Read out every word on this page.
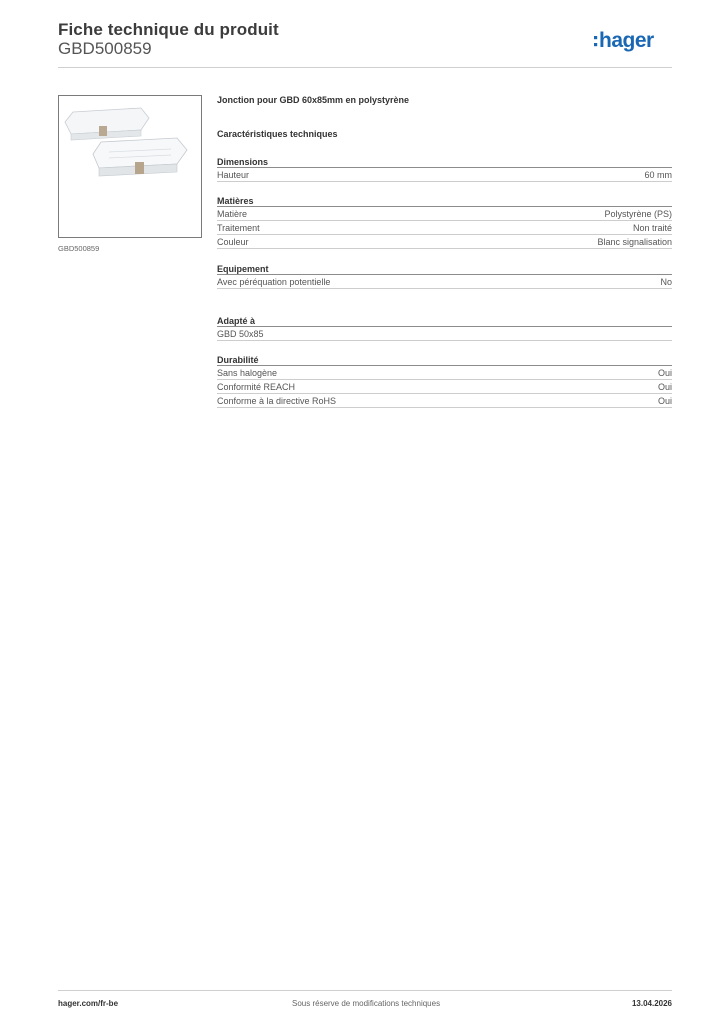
Fiche technique du produit
GBD500859	hager
GBD500859
Jonction pour GBD 60x85mm en polystyrène
Caractéristiques techniques
Dimensions
Hauteur	60 mm
Matières
Matière	Polystyrène (PS)
Traitement	Non traité
Couleur	Blanc signalisation
Equipement
Avec péréquation potentielle	No
Adapté à
GBD 50x85
Durabilité
Sans halogène	Oui
Conformité REACH	Oui
Conforme à la directive RoHS	Oui
hager.com/fr-be	Sous réserve de modifications techniques	13.04.2026
